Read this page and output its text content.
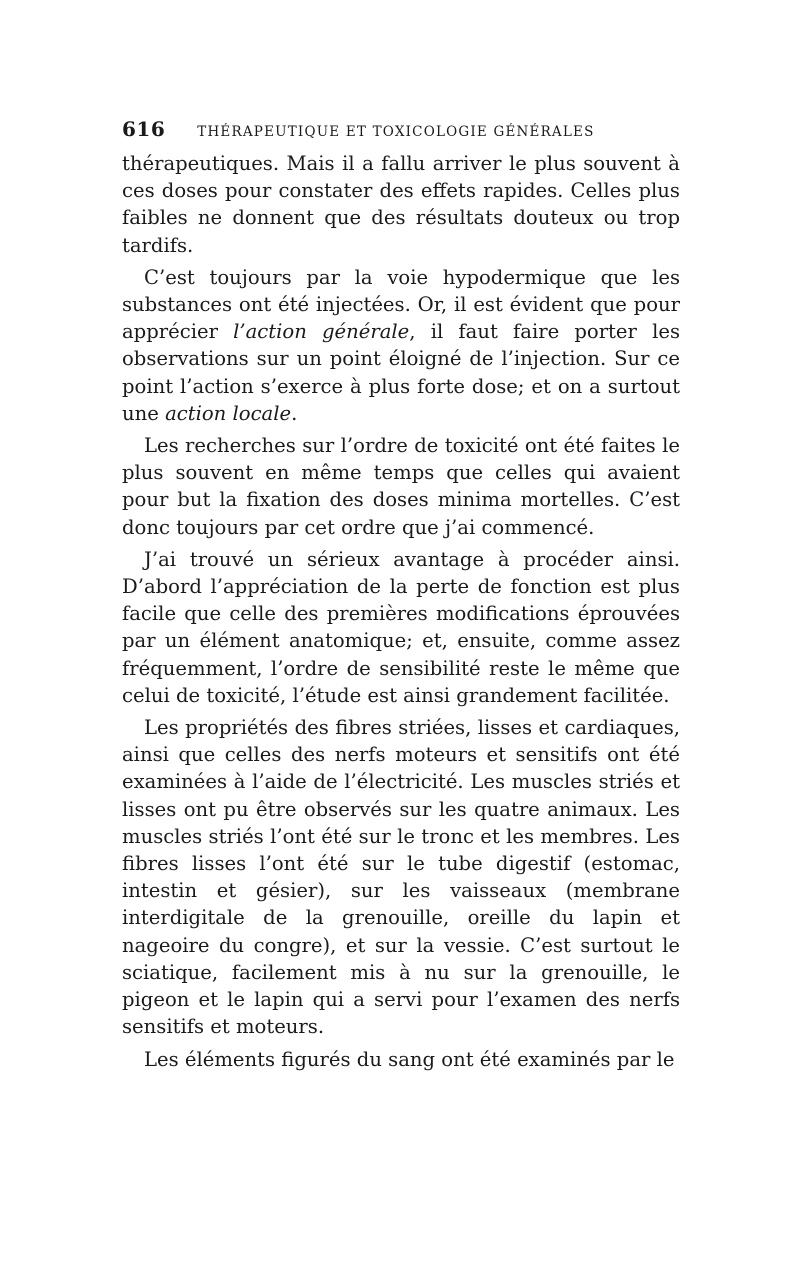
616 THÉRAPEUTIQUE ET TOXICOLOGIE GÉNÉRALES

thérapeutiques. Mais il a fallu arriver le plus souvent à ces doses pour constater des effets rapides. Celles plus faibles ne donnent que des résultats douteux ou trop tardifs.

C’est toujours par la voie hypodermique que les substances ont été injectées. Or, il est évident que pour apprécier l’action générale, il faut faire porter les observations sur un point éloigné de l’injection. Sur ce point l’action s’exerce à plus forte dose; et on a surtout une action locale.

Les recherches sur l’ordre de toxicité ont été faites le plus souvent en même temps que celles qui avaient pour but la fixation des doses minima mortelles. C’est donc toujours par cet ordre que j’ai commencé.

J’ai trouvé un sérieux avantage à procéder ainsi. D’abord l’appréciation de la perte de fonction est plus facile que celle des premières modifications éprouvées par un élément anatomique; et, ensuite, comme assez fréquemment, l’ordre de sensibilité reste le même que celui de toxicité, l’étude est ainsi grandement facilitée.

Les propriétés des fibres striées, lisses et cardiaques, ainsi que celles des nerfs moteurs et sensitifs ont été examinées à l’aide de l’électricité. Les muscles striés et lisses ont pu être observés sur les quatre animaux. Les muscles striés l’ont été sur le tronc et les membres. Les fibres lisses l’ont été sur le tube digestif (estomac, intestin et gésier), sur les vaisseaux (membrane interdigitale de la grenouille, oreille du lapin et nageoire du congre), et sur la vessie. C’est surtout le sciatique, facilement mis à nu sur la grenouille, le pigeon et le lapin qui a servi pour l’examen des nerfs sensitifs et moteurs.

Les éléments figurés du sang ont été examinés par le
